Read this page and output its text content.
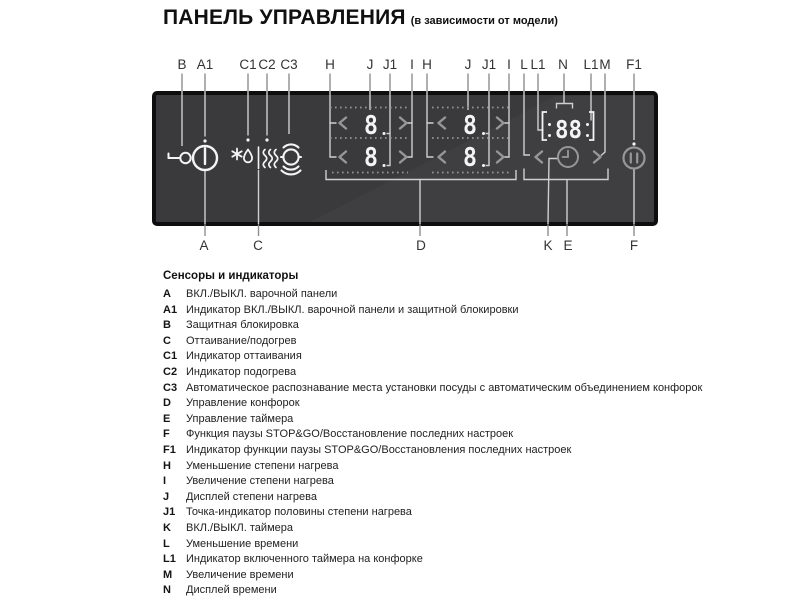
ПАНЕЛЬ УПРАВЛЕНИЯ (в зависимости от модели)
B A1 C1 C2 C3 H J J1 I H J J1 I L L1 N L1 M F1
8
8
8
8
88
A	C	D	K E	F
Сенсоры и индикаторы
A	ВКЛ./ВЫКЛ. варочной панели
A1 Индикатор ВКЛ./ВЫКЛ. варочной панели и защитной блокировки
B	Защитная блокировка
C	Оттаивание/подогрев
C1 Индикатор оттаивания
C2 Индикатор подогрева
C3 Автоматическое распознавание места установки посуды с автоматическим объединением конфорок
D	Управление конфорок
E	Управление таймера
F	Функция паузы STOP&GO/Восстановление последних настроек
F1 Индикатор функции паузы STOP&GO/Восстановления последних настроек
H	Уменьшение степени нагрева
I	Увеличение степени нагрева
J	Дисплей степени нагрева
J1 Точка-индикатор половины степени нагрева
K	ВКЛ./ВЫКЛ. таймера
L	Уменьшение времени
L1 Индикатор включенного таймера на конфорке
M	Увеличение времени
N	Дисплей времени
